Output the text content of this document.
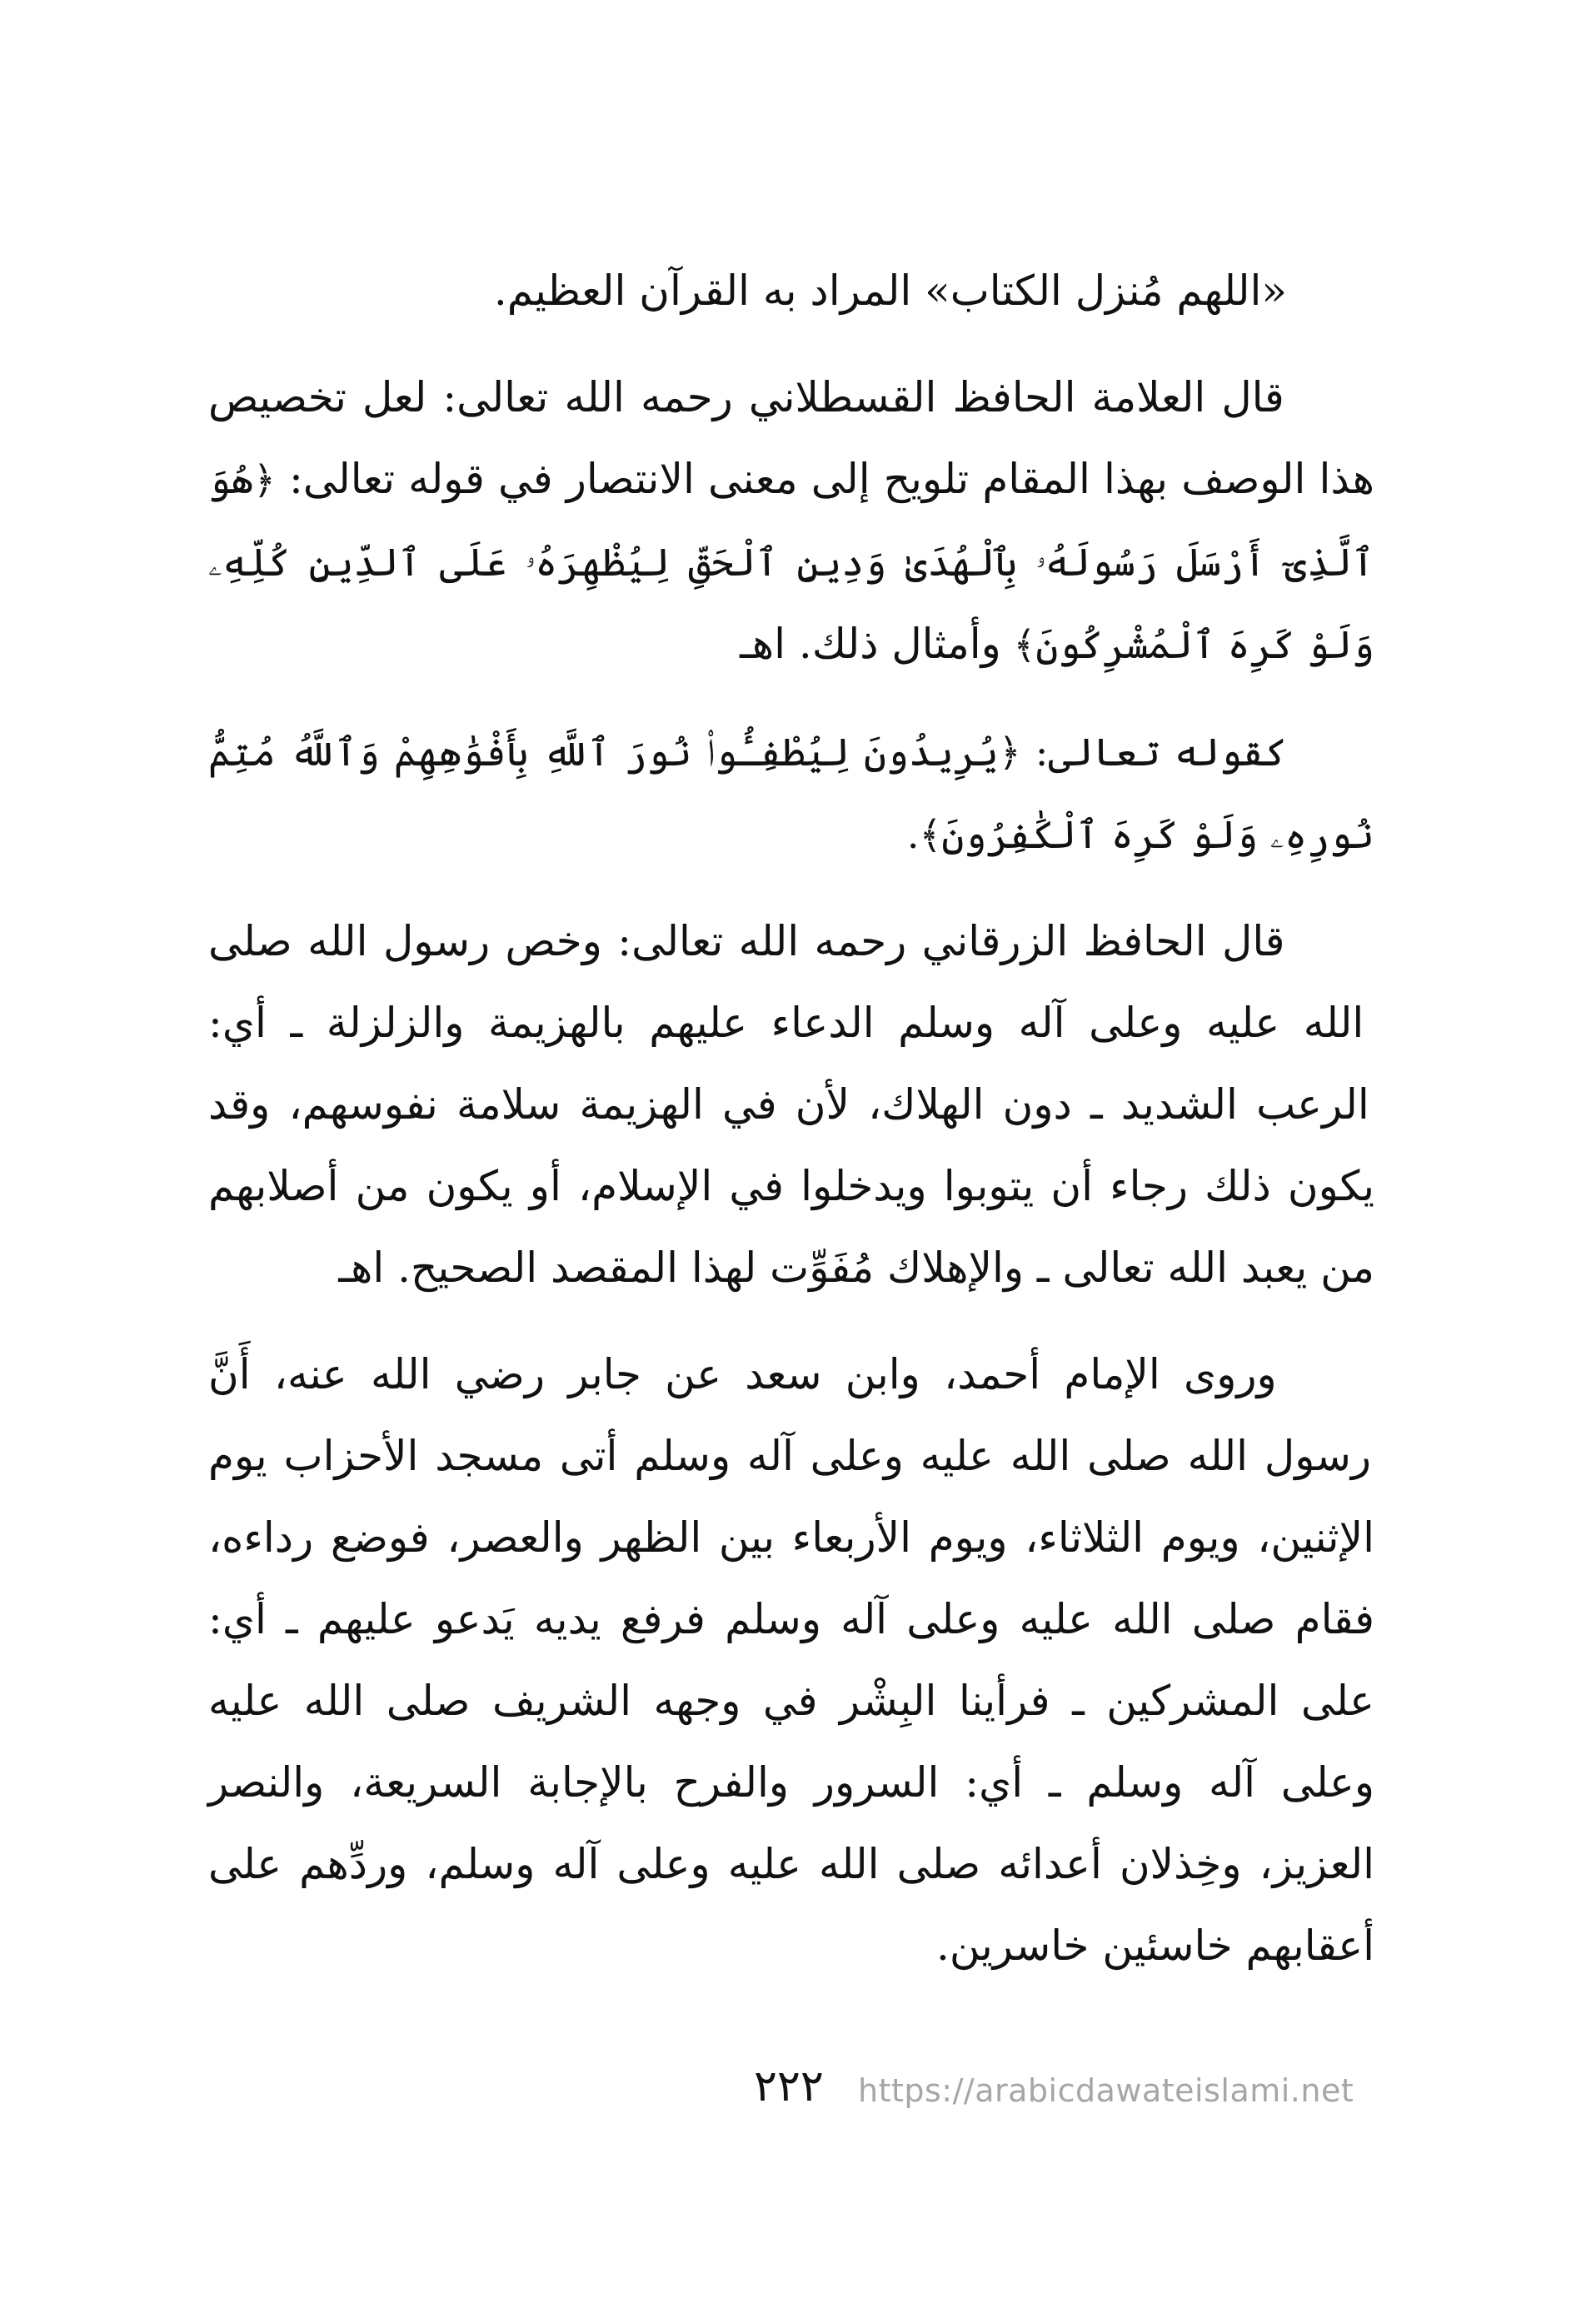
«اللهم مُنزل الكتاب» المراد به القرآن العظيم.

قال العلامة الحافظ القسطلاني رحمه الله تعالى: لعل تخصيص هذا الوصف بهذا المقام تلويح إلى معنى الانتصار في قوله تعالى: ﴿هُوَ ٱلَّذِىٓ أَرْسَلَ رَسُولَهُۥ بِٱلْهُدَىٰ وَدِينِ ٱلْحَقِّ لِيُظْهِرَهُۥ عَلَى ٱلدِّينِ كُلِّهِۦ وَلَوْ كَرِهَ ٱلْمُشْرِكُونَ﴾ وأمثال ذلك. اهـ

كقوله تعالى: ﴿يُرِيدُونَ لِيُطْفِـُٔوا۟ نُورَ ٱللَّهِ بِأَفْوَٰهِهِمْ وَٱللَّهُ مُتِمُّ نُورِهِۦ وَلَوْ كَرِهَ ٱلْكَٰفِرُونَ﴾.

قال الحافظ الزرقاني رحمه الله تعالى: وخص رسول الله صلى الله عليه وعلى آله وسلم الدعاء عليهم بالهزيمة والزلزلة ـ أي: الرعب الشديد ـ دون الهلاك، لأن في الهزيمة سلامة نفوسهم، وقد يكون ذلك رجاء أن يتوبوا ويدخلوا في الإسلام، أو يكون من أصلابهم من يعبد الله تعالى ـ والإهلاك مُفَوِّت لهذا المقصد الصحيح. اهـ

وروى الإمام أحمد، وابن سعد عن جابر رضي الله عنه، أَنَّ رسول الله صلى الله عليه وعلى آله وسلم أتى مسجد الأحزاب يوم الإثنين، ويوم الثلاثاء، ويوم الأربعاء بين الظهر والعصر، فوضع رداءه، فقام صلى الله عليه وعلى آله وسلم فرفع يديه يَدعو عليهم ـ أي: على المشركين ـ فرأينا البِشْر في وجهه الشريف صلى الله عليه وعلى آله وسلم ـ أي: السرور والفرح بالإجابة السريعة، والنصر العزيز، وخِذلان أعدائه صلى الله عليه وعلى آله وسلم، وردِّهم على أعقابهم خاسئين خاسرين.

٢٢٢ https://arabicdawateislami.net
